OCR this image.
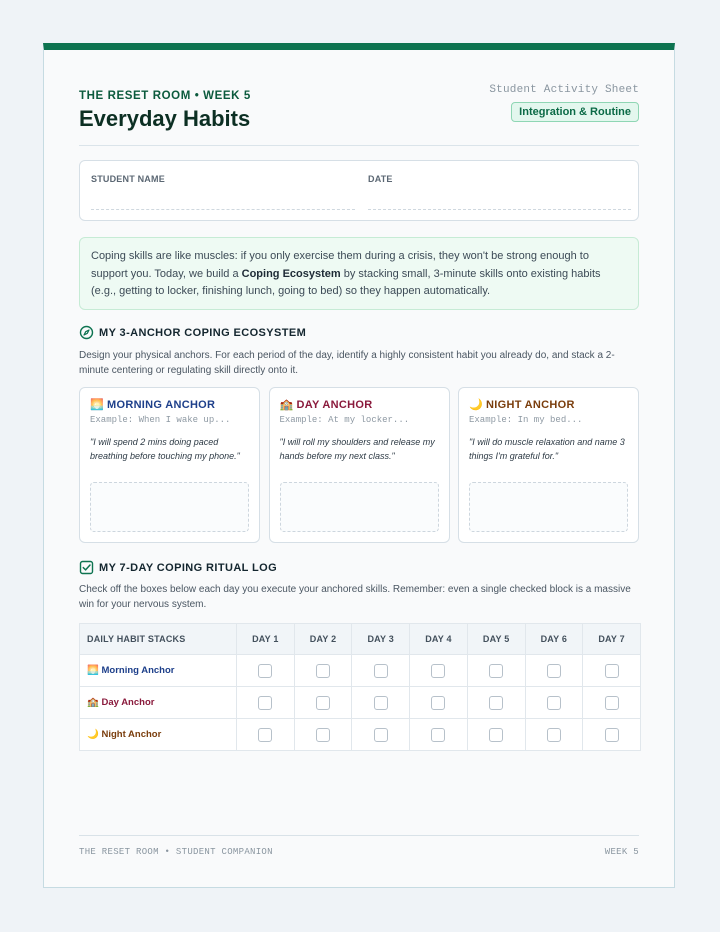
THE RESET ROOM • WEEK 5
Everyday Habits
Student Activity Sheet
Integration & Routine
STUDENT NAME	DATE
Coping skills are like muscles: if you only exercise them during a crisis, they won't be strong enough to support you. Today, we build a Coping Ecosystem by stacking small, 3-minute skills onto existing habits (e.g., getting to locker, finishing lunch, going to bed) so they happen automatically.
MY 3-ANCHOR COPING ECOSYSTEM
Design your physical anchors. For each period of the day, identify a highly consistent habit you already do, and stack a 2-minute centering or regulating skill directly onto it.
🌅 MORNING ANCHOR
Example: When I wake up...
"I will spend 2 mins doing paced breathing before touching my phone."
🏫 DAY ANCHOR
Example: At my locker...
"I will roll my shoulders and release my hands before my next class."
🌙 NIGHT ANCHOR
Example: In my bed...
"I will do muscle relaxation and name 3 things I'm grateful for."
MY 7-DAY COPING RITUAL LOG
Check off the boxes below each day you execute your anchored skills. Remember: even a single checked block is a massive win for your nervous system.
DAILY HABIT STACKS	DAY 1	DAY 2	DAY 3	DAY 4	DAY 5	DAY 6	DAY 7
🌅 Morning Anchor							
🏫 Day Anchor							
🌙 Night Anchor							
THE RESET ROOM • STUDENT COMPANION	WEEK 5
